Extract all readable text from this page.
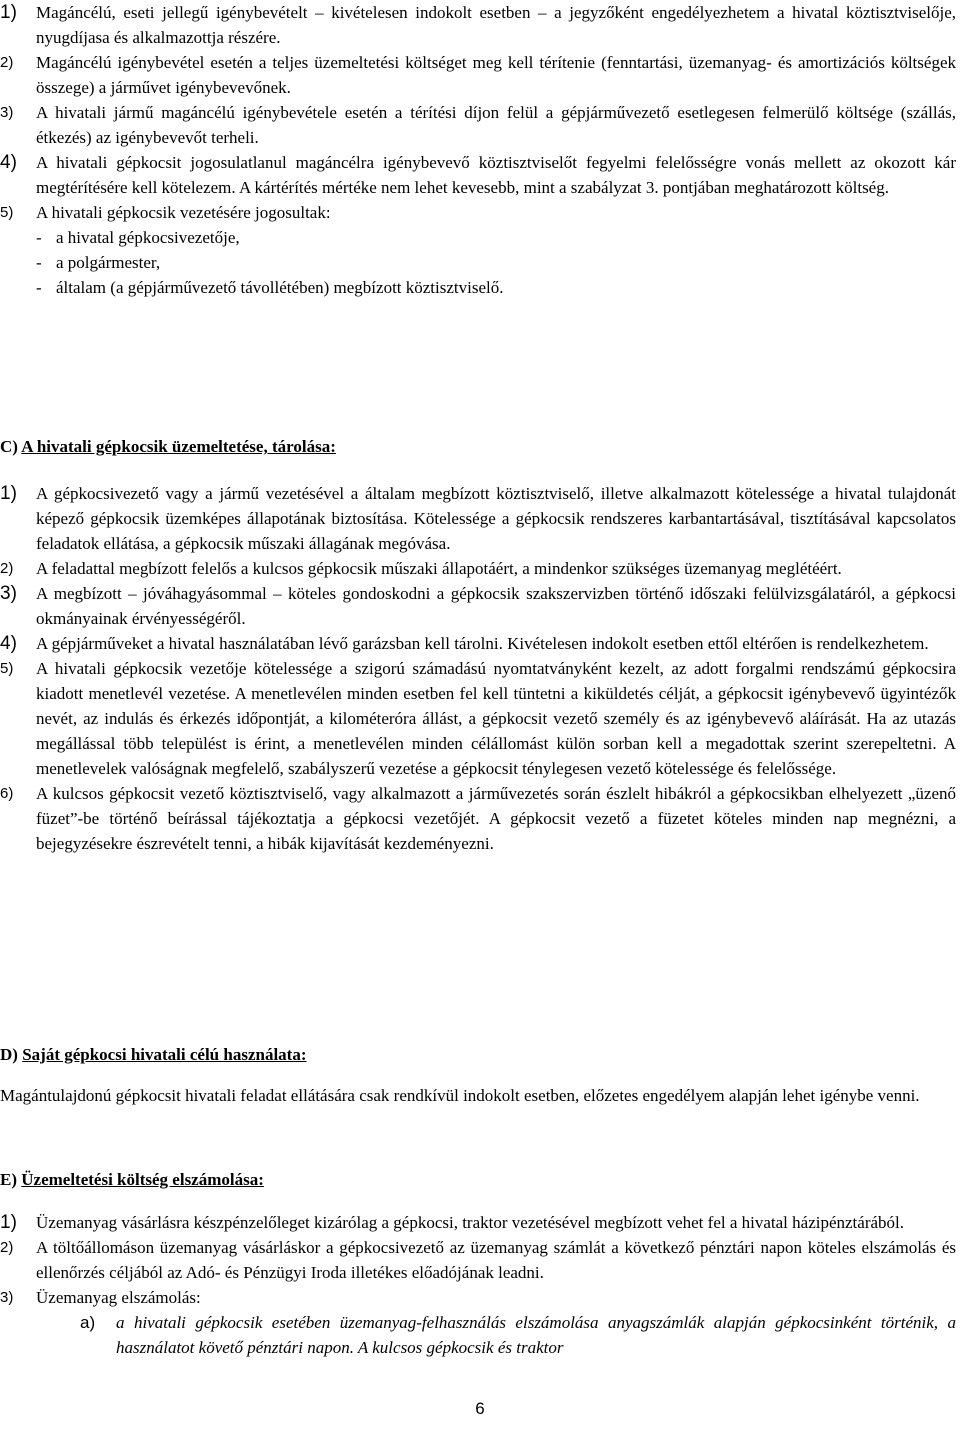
1)	Magáncélú, eseti jellegű igénybevételt – kivételesen indokolt esetben – a jegyzőként engedélyezhetem a hivatal köztisztviselője, nyugdíjasa és alkalmazottja részére.
2)	Magáncélú igénybevétel esetén a teljes üzemeltetési költséget meg kell térítenie (fenntartási, üzemanyag- és amortizációs költségek összege) a járművet igénybevevőnek.
3)	A hivatali jármű magáncélú igénybevétele esetén a térítési díjon felül a gépjárművezető esetlegesen felmerülő költsége (szállás, étkezés) az igénybevevőt terheli.
4)	A hivatali gépkocsit jogosulatlanul magáncélra igénybevevő köztisztviselőt fegyelmi felelősségre vonás mellett az okozott kár megtérítésére kell kötelezem. A kártérítés mértéke nem lehet kevesebb, mint a szabályzat 3. pontjában meghatározott költség.
5)	A hivatali gépkocsik vezetésére jogosultak:
- a hivatal gépkocsivezetője,
- a polgármester,
- általam (a gépjárművezető távollétében) megbízott köztisztviselő.
C) A hivatali gépkocsik üzemeltetése, tárolása:
1)	A gépkocsivezető vagy a jármű vezetésével a általam megbízott köztisztviselő, illetve alkalmazott kötelessége a hivatal tulajdonát képező gépkocsik üzemképes állapotának biztosítása. Kötelessége a gépkocsik rendszeres karbantartásával, tisztításával kapcsolatos feladatok ellátása, a gépkocsik műszaki állagának megóvása.
2)	A feladattal megbízott felelős a kulcsos gépkocsik műszaki állapotáért, a mindenkor szükséges üzemanyag meglétéért.
3)	A megbízott – jóváhagyásommal – köteles gondoskodni a gépkocsik szakszervizben történő időszaki felülvizsgálatáról, a gépkocsi okmányainak érvényességéről.
4)	A gépjárműveket a hivatal használatában lévő garázsban kell tárolni. Kivételesen indokolt esetben ettől eltérően is rendelkezhetem.
5)	A hivatali gépkocsik vezetője kötelessége a szigorú számadású nyomtatványként kezelt, az adott forgalmi rendszámú gépkocsira kiadott menetlevél vezetése. A menetlevélen minden esetben fel kell tüntetni a kiküldetés célját, a gépkocsit igénybevevő ügyintézők nevét, az indulás és érkezés időpontját, a kilométeróra állást, a gépkocsit vezető személy és az igénybevevő aláírását. Ha az utazás megállással több települést is érint, a menetlevélen minden célállomást külön sorban kell a megadottak szerint szerepeltetni. A menetlevelek valóságnak megfelelő, szabályszerű vezetése a gépkocsit ténylegesen vezető kötelessége és felelőssége.
6)	A kulcsos gépkocsit vezető köztisztviselő, vagy alkalmazott a járművezetés során észlelt hibákról a gépkocsikban elhelyezett „üzenő füzet”-be történő beírással tájékoztatja a gépkocsi vezetőjét. A gépkocsit vezető a füzetet köteles minden nap megnézni, a bejegyzésekre észrevételt tenni, a hibák kijavítását kezdeményezni.
D) Saját gépkocsi hivatali célú használata:
Magántulajdonú gépkocsit hivatali feladat ellátására csak rendkívül indokolt esetben, előzetes engedélyem alapján lehet igénybe venni.
E) Üzemeltetési költség elszámolása:
1)	Üzemanyag vásárlásra készpénzelőleget kizárólag a gépkocsi, traktor vezetésével megbízott vehet fel a hivatal házipénztárából.
2)	A töltőállomáson üzemanyag vásárláskor a gépkocsivezető az üzemanyag számlát a következő pénztári napon köteles elszámolás és ellenőrzés céljából az Adó- és Pénzügyi Iroda illetékes előadójának leadni.
3)	Üzemanyag elszámolás:
a) a hivatali gépkocsik esetében üzemanyag-felhasználás elszámolása anyagszámlák alapján gépkocsinként történik, a használatot követő pénztári napon. A kulcsos gépkocsik és traktor
6
